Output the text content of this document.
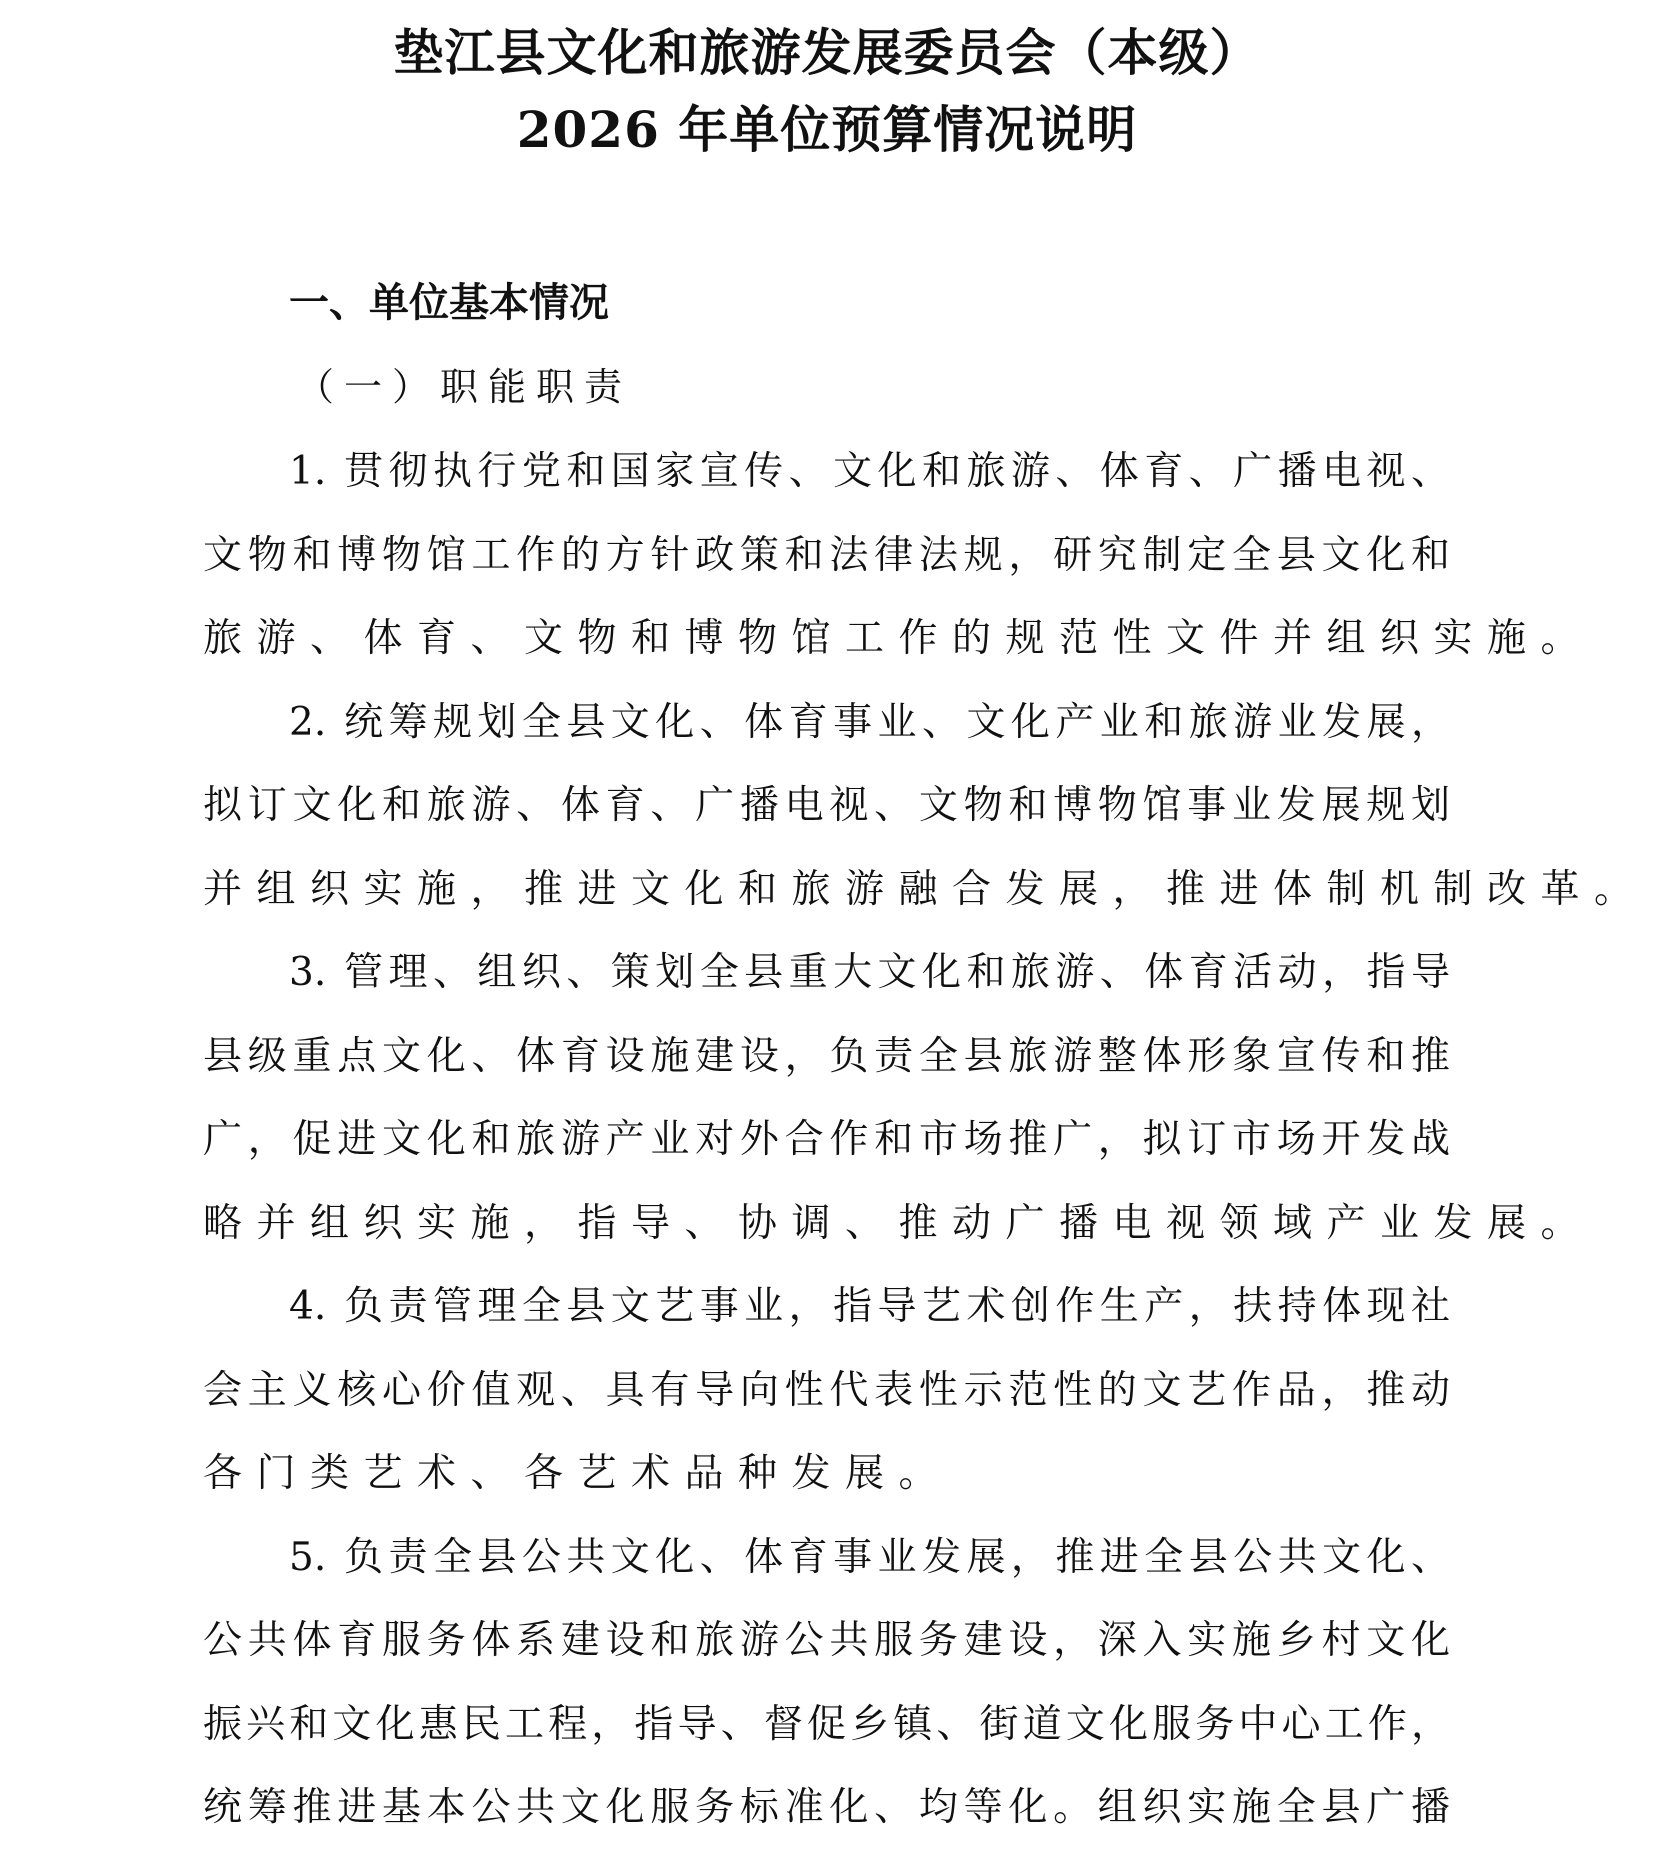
垫江县文化和旅游发展委员会（本级）
2026 年单位预算情况说明
一、单位基本情况
（一）职能职责
1. 贯彻执行党和国家宣传、文化和旅游、体育、广播电视、
文物和博物馆工作的方针政策和法律法规，研究制定全县文化和
旅游、体育、文物和博物馆工作的规范性文件并组织实施。
2. 统筹规划全县文化、体育事业、文化产业和旅游业发展，
拟订文化和旅游、体育、广播电视、文物和博物馆事业发展规划
并组织实施，推进文化和旅游融合发展，推进体制机制改革。
3. 管理、组织、策划全县重大文化和旅游、体育活动，指导
县级重点文化、体育设施建设，负责全县旅游整体形象宣传和推
广，促进文化和旅游产业对外合作和市场推广，拟订市场开发战
略并组织实施，指导、协调、推动广播电视领域产业发展。
4. 负责管理全县文艺事业，指导艺术创作生产，扶持体现社
会主义核心价值观、具有导向性代表性示范性的文艺作品，推动
各门类艺术、各艺术品种发展。
5. 负责全县公共文化、体育事业发展，推进全县公共文化、
公共体育服务体系建设和旅游公共服务建设，深入实施乡村文化
振兴和文化惠民工程，指导、督促乡镇、街道文化服务中心工作，
统筹推进基本公共文化服务标准化、均等化。组织实施全县广播
